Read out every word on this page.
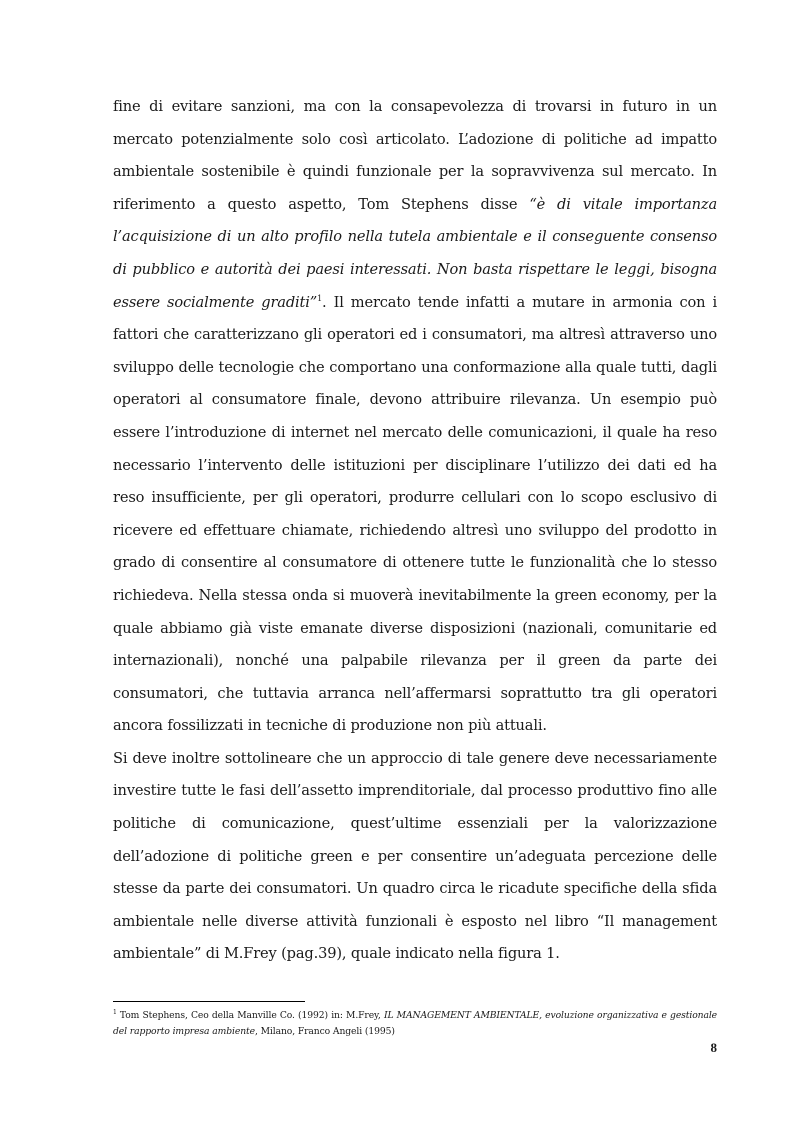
fine di evitare sanzioni, ma con la consapevolezza di trovarsi in futuro in un mercato potenzialmente solo così articolato. L’adozione di politiche ad impatto ambientale sostenibile è quindi funzionale per la sopravvivenza sul mercato. In riferimento a questo aspetto, Tom Stephens disse “è di vitale importanza l’acquisizione di un alto profilo nella tutela ambientale e il conseguente consenso di pubblico e autorità dei paesi interessati. Non basta rispettare le leggi, bisogna essere socialmente graditi”$^1$. Il mercato tende infatti a mutare in armonia con i fattori che caratterizzano gli operatori ed i consumatori, ma altresì attraverso uno sviluppo delle tecnologie che comportano una conformazione alla quale tutti, dagli operatori al consumatore finale, devono attribuire rilevanza. Un esempio può essere l’introduzione di internet nel mercato delle comunicazioni, il quale ha reso necessario l’intervento delle istituzioni per disciplinare l’utilizzo dei dati ed ha reso insufficiente, per gli operatori, produrre cellulari con lo scopo esclusivo di ricevere ed effettuare chiamate, richiedendo altresì uno sviluppo del prodotto in grado di consentire al consumatore di ottenere tutte le funzionalità che lo stesso richiedeva. Nella stessa onda si muoverà inevitabilmente la green economy, per la quale abbiamo già viste emanate diverse disposizioni (nazionali, comunitarie ed internazionali), nonché una palpabile rilevanza per il green da parte dei consumatori, che tuttavia arranca nell’affermarsi soprattutto tra gli operatori ancora fossilizzati in tecniche di produzione non più attuali.

Si deve inoltre sottolineare che un approccio di tale genere deve necessariamente investire tutte le fasi dell’assetto imprenditoriale, dal processo produttivo fino alle politiche di comunicazione, quest’ultime essenziali per la valorizzazione dell’adozione di politiche green e per consentire un’adeguata percezione delle stesse da parte dei consumatori. Un quadro circa le ricadute specifiche della sfida ambientale nelle diverse attività funzionali è esposto nel libro “Il management ambientale” di M.Frey (pag.39), quale indicato nella figura 1.

$^1$ Tom Stephens, Ceo della Manville Co. (1992) in: M.Frey, IL MANAGEMENT AMBIENTALE, evoluzione organizzativa e gestionale del rapporto impresa ambiente, Milano, Franco Angeli (1995)
8
